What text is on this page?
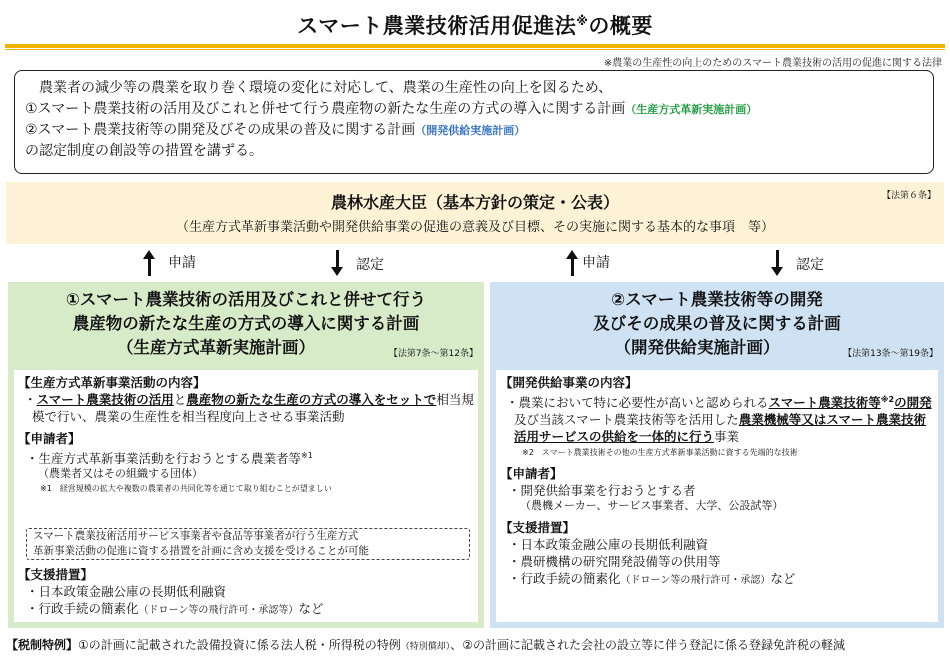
スマート農業技術活用促進法※の概要
※農業の生産性の向上のためのスマート農業技術の活用の促進に関する法律
農業者の減少等の農業を取り巻く環境の変化に対応して、農業の生産性の向上を図るため、
①スマート農業技術の活用及びこれと併せて行う農産物の新たな生産の方式の導入に関する計画（生産方式革新実施計画）
②スマート農業技術等の開発及びその成果の普及に関する計画（開発供給実施計画）
の認定制度の創設等の措置を講ずる。
農林水産大臣（基本方針の策定・公表）	【法第６条】
（生産方式革新事業活動や開発供給事業の促進の意義及び目標、その実施に関する基本的な事項　等）
申請	認定	申請	認定
①スマート農業技術の活用及びこれと併せて行う
農産物の新たな生産の方式の導入に関する計画
（生産方式革新実施計画）	【法第7条～第12条】
【生産方式革新事業活動の内容】
・スマート農業技術の活用と農産物の新たな生産の方式の導入をセットで相当規模で行い、農業の生産性を相当程度向上させる事業活動
【申請者】
・生産方式革新事業活動を行おうとする農業者等$^{※1}$
（農業者又はその組織する団体）
※1　経営規模の拡大や複数の農業者の共同化等を通じて取り組むことが望ましい
スマート農業技術活用サービス事業者や食品等事業者が行う生産方式
革新事業活動の促進に資する措置を計画に含め支援を受けることが可能
【支援措置】
・日本政策金融公庫の長期低利融資
・行政手続の簡素化（ドローン等の飛行許可・承認等）など
②スマート農業技術等の開発
及びその成果の普及に関する計画
（開発供給実施計画）	【法第13条～第19条】
【開発供給事業の内容】
・農業において特に必要性が高いと認められるスマート農業技術等$^{※2}$の開発及び当該スマート農業技術等を活用した農業機械等又はスマート農業技術活用サービスの供給を一体的に行う事業
※2　スマート農業技術その他の生産方式革新事業活動に資する先端的な技術
【申請者】
・開発供給事業を行おうとする者
（農機メーカー、サービス事業者、大学、公設試等）
【支援措置】
・日本政策金融公庫の長期低利融資
・農研機構の研究開発設備等の供用等
・行政手続の簡素化（ドローン等の飛行許可・承認）など
【税制特例】①の計画に記載された設備投資に係る法人税・所得税の特例（特別償却）、②の計画に記載された会社の設立等に伴う登記に係る登録免許税の軽減
